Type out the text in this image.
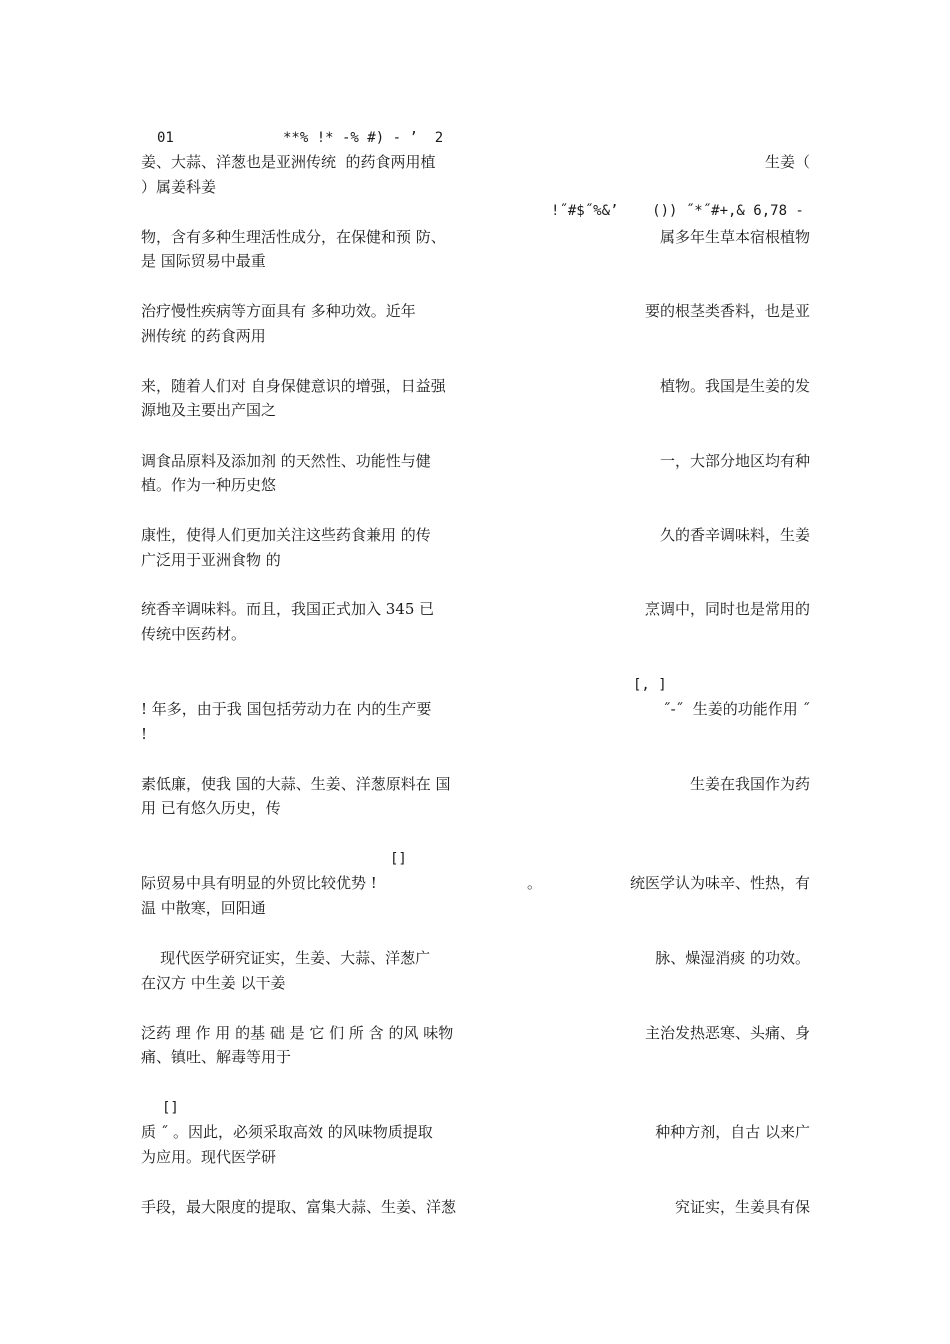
01	**% !* -% #) - ’  2
姜、大蒜、洋葱也是亚洲传统  的药食两用植	生姜（
）属姜科姜
!˝#$˝%&’    ()) ˝*˝#+,& 6,78 -
物，含有多种生理活性成分，在保健和预 防、	属多年生草本宿根植物
是 国际贸易中最重
治疗慢性疾病等方面具有 多种功效。近年	要的根茎类香料，也是亚
洲传统 的药食两用
来，随着人们对 自身保健意识的增强，日益强	植物。我国是生姜的发
源地及主要出产国之
调食品原料及添加剂 的天然性、功能性与健	一，大部分地区均有种
植。作为一种历史悠
康性，使得人们更加关注这些药食兼用 的传	久的香辛调味料，生姜
广泛用于亚洲食物 的
统香辛调味料。而且，我国正式加入 345 已	烹调中，同时也是常用的
传统中医药材。
[, ]
! 年多，由于我 国包括劳动力在 内的生产要	˝-˝  生姜的功能作用 ˝
!
素低廉，使我 国的大蒜、生姜、洋葱原料在 国	生姜在我国作为药
用 已有悠久历史，传
[]
际贸易中具有明显的外贸比较优势 !	。	统医学认为味辛、性热，有
温 中散寒，回阳通
现代医学研究证实，生姜、大蒜、洋葱广	脉、燥湿消痰 的功效。
在汉方 中生姜 以干姜
泛药 理 作 用 的基 础 是 它 们 所 含 的风 味物	主治发热恶寒、头痛、身
痛、镇吐、解毒等用于
[]
质 ˝ 。因此，必须采取高效 的风味物质提取	种种方剂，自古 以来广
为应用。现代医学研
手段，最大限度的提取、富集大蒜、生姜、洋葱	究证实，生姜具有保
